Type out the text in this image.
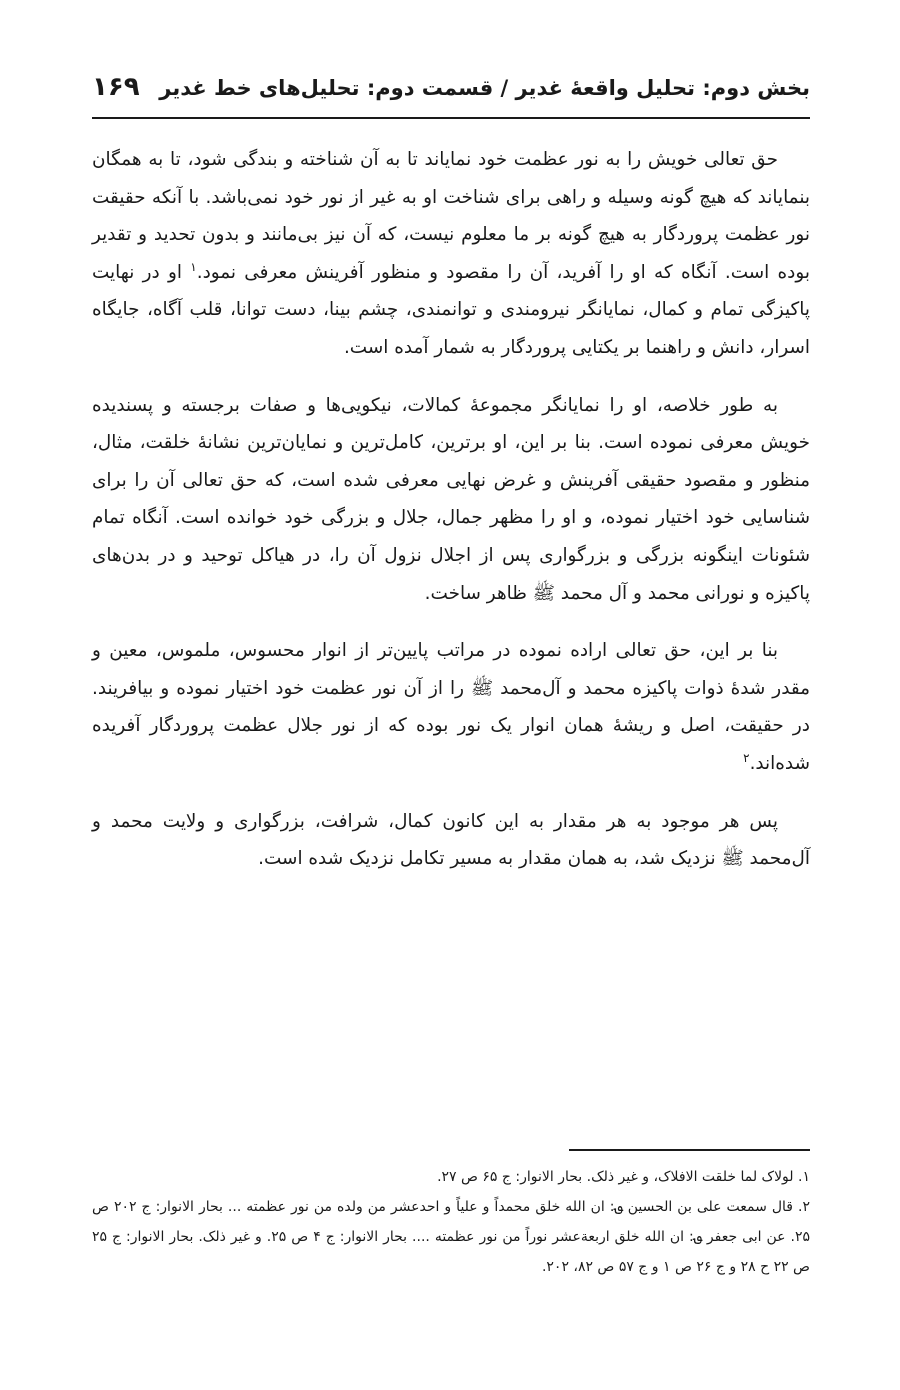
بخش دوم: تحلیل واقعهٔ غدیر / قسمت دوم: تحلیل‌های خط غدیر
۱۶۹

حق تعالی خویش را به نور عظمت خود نمایاند تا به آن شناخته و بندگی شود، تا به همگان بنمایاند که هیچ گونه وسیله و راهی برای شناخت او به غیر از نور خود نمی‌باشد. با آنکه حقیقت نور عظمت پروردگار به هیچ گونه بر ما معلوم نیست، که آن نیز بی‌مانند و بدون تحدید و تقدیر بوده است. آنگاه که او را آفرید، آن را مقصود و منظور آفرینش معرفی نمود.$^۱$ او در نهایت پاکیزگی تمام و کمال، نمایانگر نیرومندی و توانمندی، چشم بینا، دست توانا، قلب آگاه، جایگاه اسرار، دانش و راهنما بر یکتایی پروردگار به شمار آمده است.

به طور خلاصه، او را نمایانگر مجموعهٔ کمالات، نیکویی‌ها و صفات برجسته و پسندیده خویش معرفی نموده است. بنا بر این، او برترین، کامل‌ترین و نمایان‌ترین نشانهٔ خلقت، مثال، منظور و مقصود حقیقی آفرینش و غرض نهایی معرفی شده است، که حق تعالی آن را برای شناسایی خود اختیار نموده، و او را مظهر جمال، جلال و بزرگی خود خوانده است. آنگاه تمام شئونات اینگونه بزرگی و بزرگواری پس از اجلال نزول آن را، در هیاکل توحید و در بدن‌های پاکیزه و نورانی محمد و آل محمد ﷺ ظاهر ساخت.

بنا بر این، حق تعالی اراده نموده در مراتب پایین‌تر از انوار محسوس، ملموس، معین و مقدر شدهٔ ذوات پاکیزه محمد و آل‌محمد ﷺ را از آن نور عظمت خود اختیار نموده و بیافریند. در حقیقت، اصل و ریشهٔ همان انوار یک نور بوده که از نور جلال عظمت پروردگار آفریده شده‌اند.$^۲$

پس هر موجود به هر مقدار به این کانون کمال، شرافت، بزرگواری و ولایت محمد و آل‌محمد ﷺ نزدیک شد، به همان مقدار به مسیر تکامل نزدیک شده است.

۱. لولاک لما خلقت الافلاک، و غیر ذلک. بحار الانوار: ج ۶۵ ص ۲۷.

۲. قال سمعت علی بن الحسین ؈: ان الله خلق محمداً و علیاً و احدعشر من ولده من نور عظمته ... بحار الانوار: ج ۲۰۲ ص ۲۵. عن ابی جعفر ؈: ان الله خلق اربعةعشر نوراً من نور عظمته .... بحار الانوار: ج ۴ ص ۲۵. و غیر ذلک. بحار الانوار: ج ۲۵ ص ۲۲ ح ۲۸ و ج ۲۶ ص ۱ و ج ۵۷ ص ۸۲، ۲۰۲.
